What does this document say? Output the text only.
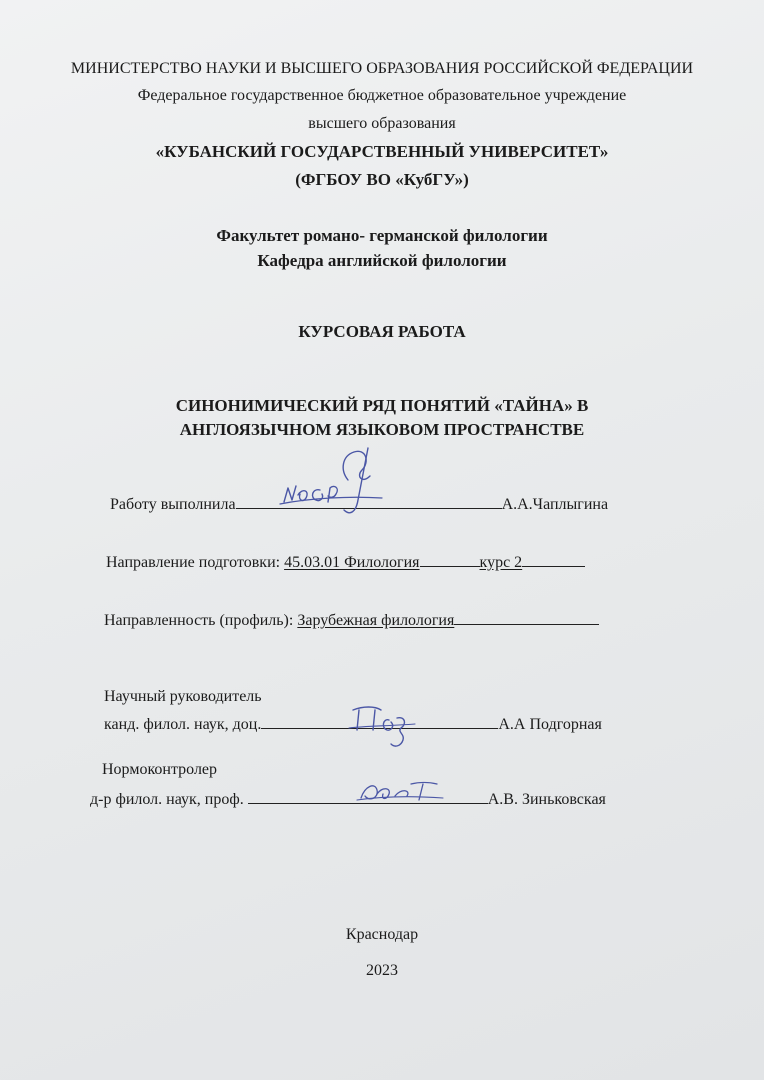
МИНИСТЕРСТВО НАУКИ И ВЫСШЕГО ОБРАЗОВАНИЯ РОССИЙСКОЙ ФЕДЕРАЦИИ
Федеральное государственное бюджетное образовательное учреждение
высшего образования
«КУБАНСКИЙ ГОСУДАРСТВЕННЫЙ УНИВЕРСИТЕТ»
(ФГБОУ ВО «КубГУ»)
Факультет романо- германской филологии
Кафедра английской филологии
КУРСОВАЯ РАБОТА
СИНОНИМИЧЕСКИЙ РЯД ПОНЯТИЙ «ТАЙНА» В
АНГЛОЯЗЫЧНОМ ЯЗЫКОВОМ ПРОСТРАНСТВЕ
Работу выполнила	А.А.Чаплыгина
Направление подготовки: 45.03.01 Филология	курс 2
Направленность (профиль): Зарубежная филология
Научный руководитель
канд. филол. наук, доц.	А.А Подгорная
Нормоконтролер
д-р филол. наук, проф.	А.В. Зиньковская
Краснодар
2023
